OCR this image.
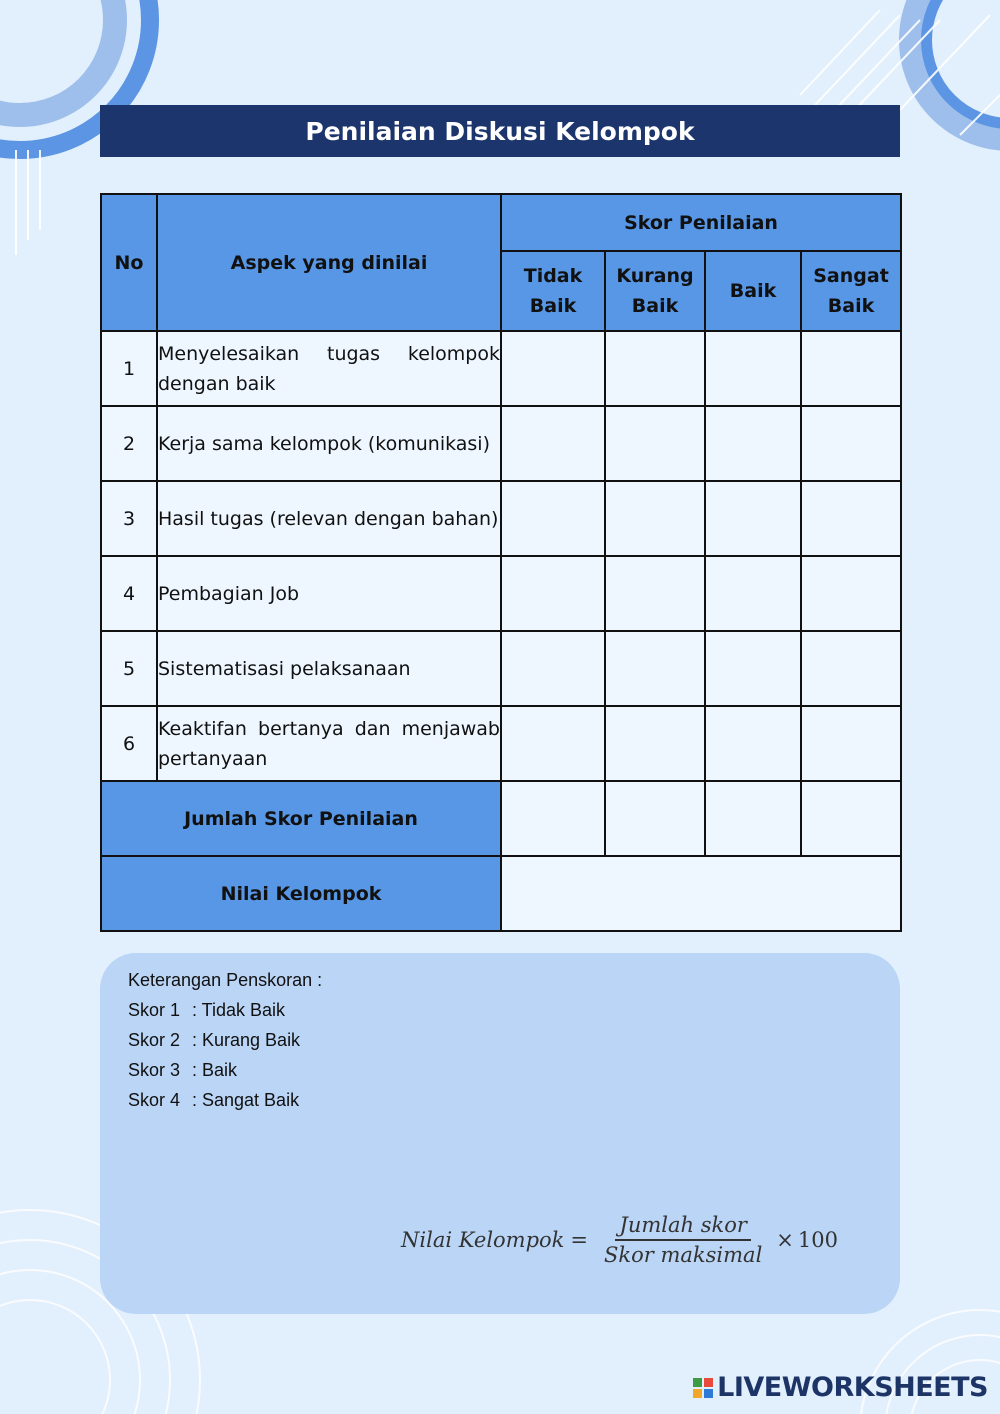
Penilaian Diskusi Kelompok
No	Aspek yang dinilai	Skor Penilaian			
		Tidak Baik	Kurang Baik	Baik	Sangat Baik
1	Menyelesaikan tugas kelompok dengan baik				
2	Kerja sama kelompok (komunikasi)				
3	Hasil tugas (relevan dengan bahan)				
4	Pembagian Job				
5	Sistematisasi pelaksanaan				
6	Keaktifan bertanya dan menjawab pertanyaan				
Jumlah Skor Penilaian					
Nilai Kelompok					
Keterangan Penskoran :
Skor 1 : Tidak Baik
Skor 2 : Kurang Baik
Skor 3 : Baik
Skor 4 : Sangat Baik
Nilai Kelompok = $\frac{\text{Jumlah skor}}{\text{Skor maksimal}} \times 100$
LIVEWORKSHEETS
